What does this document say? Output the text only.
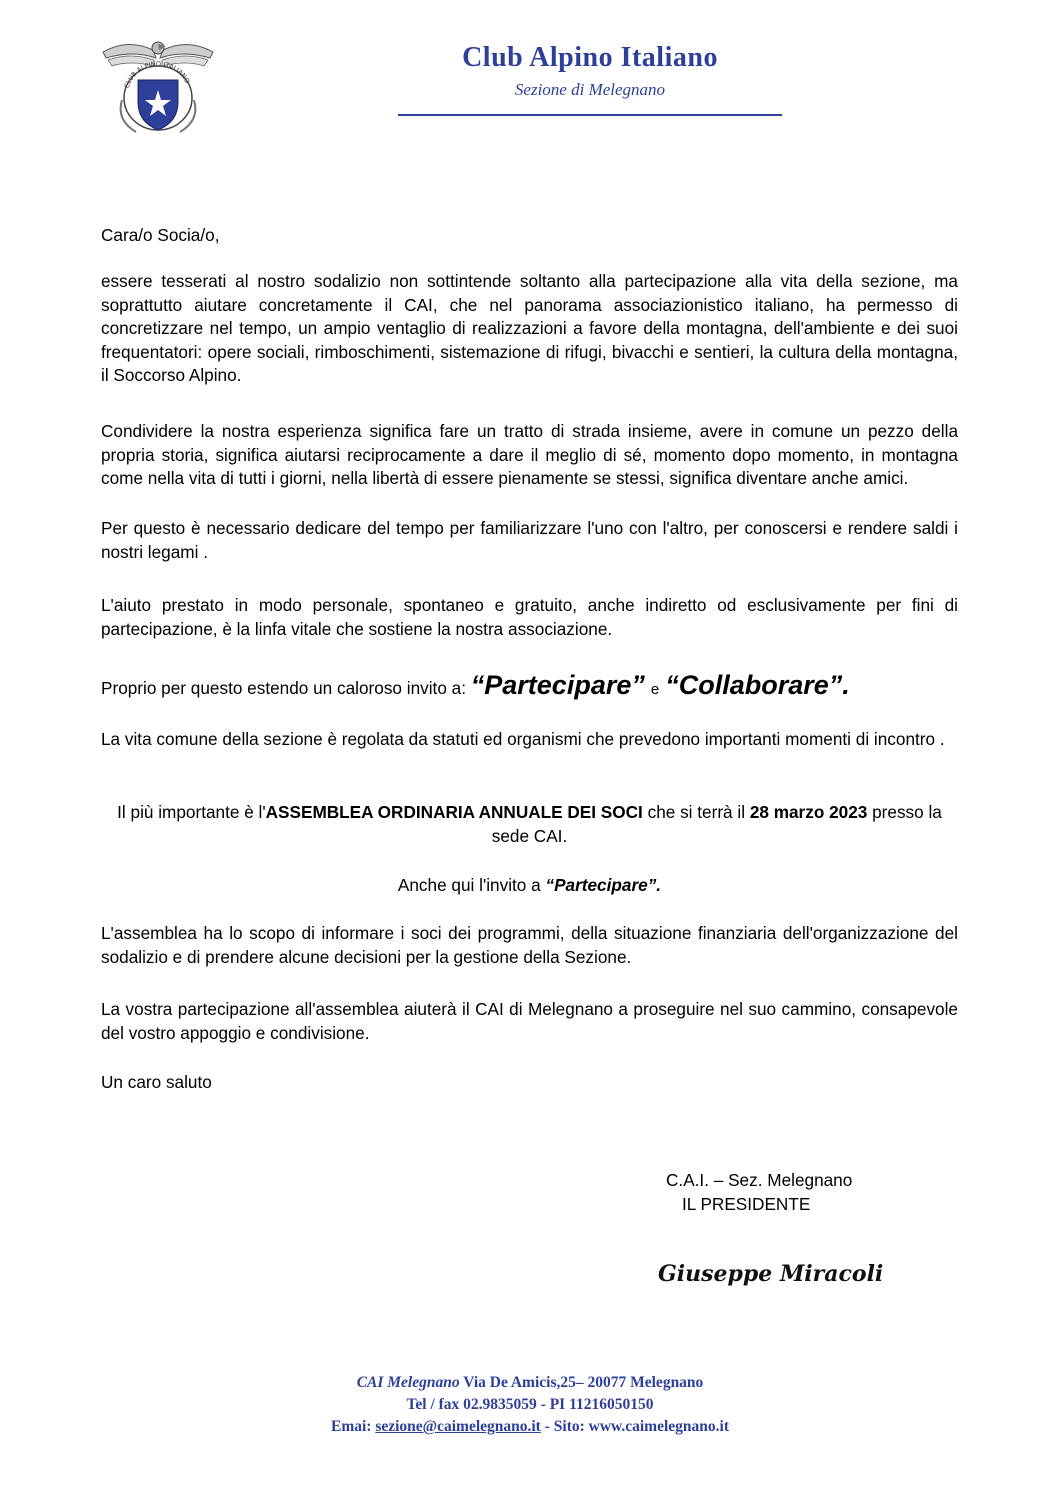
CLUB ALPINO ITALIANO
Club Alpino Italiano
Sezione di Melegnano

Cara/o Socia/o,

essere tesserati al nostro sodalizio non sottintende soltanto alla partecipazione alla vita della sezione, ma soprattutto aiutare concretamente il CAI, che nel panorama associazionistico italiano, ha permesso di concretizzare nel tempo, un ampio ventaglio di realizzazioni a favore della montagna, dell'ambiente e dei suoi frequentatori: opere sociali, rimboschimenti, sistemazione di rifugi, bivacchi e sentieri, la cultura della montagna, il Soccorso Alpino.

Condividere la nostra esperienza significa fare un tratto di strada insieme, avere in comune un pezzo della propria storia, significa aiutarsi reciprocamente a dare il meglio di sé, momento dopo momento, in montagna come nella vita di tutti i giorni, nella libertà di essere pienamente se stessi, significa diventare anche amici.

Per questo è necessario dedicare del tempo per familiarizzare l'uno con l'altro, per conoscersi e rendere saldi i nostri legami .

L'aiuto prestato in modo personale, spontaneo e gratuito, anche indiretto od esclusivamente per fini di partecipazione, è la linfa vitale che sostiene la nostra associazione.

Proprio per questo estendo un caloroso invito a: “Partecipare” e “Collaborare”.

La vita comune della sezione è regolata da statuti ed organismi che prevedono importanti momenti di incontro .

Il più importante è l'ASSEMBLEA ORDINARIA ANNUALE DEI SOCI che si terrà il 28 marzo 2023 presso la sede CAI.

Anche qui l'invito a “Partecipare”.

L'assemblea ha lo scopo di informare i soci dei programmi, della situazione finanziaria dell'organizzazione del sodalizio e di prendere alcune decisioni per la gestione della Sezione.

La vostra partecipazione all'assemblea aiuterà il CAI di Melegnano a proseguire nel suo cammino, consapevole del vostro appoggio e condivisione.

Un caro saluto

C.A.I. – Sez. Melegnano
IL PRESIDENTE
Giuseppe Miracoli
CAI Melegnano Via De Amicis,25– 20077 Melegnano
Tel / fax 02.9835059 - PI 11216050150
Emai: sezione@caimelegnano.it - Sito: www.caimelegnano.it
